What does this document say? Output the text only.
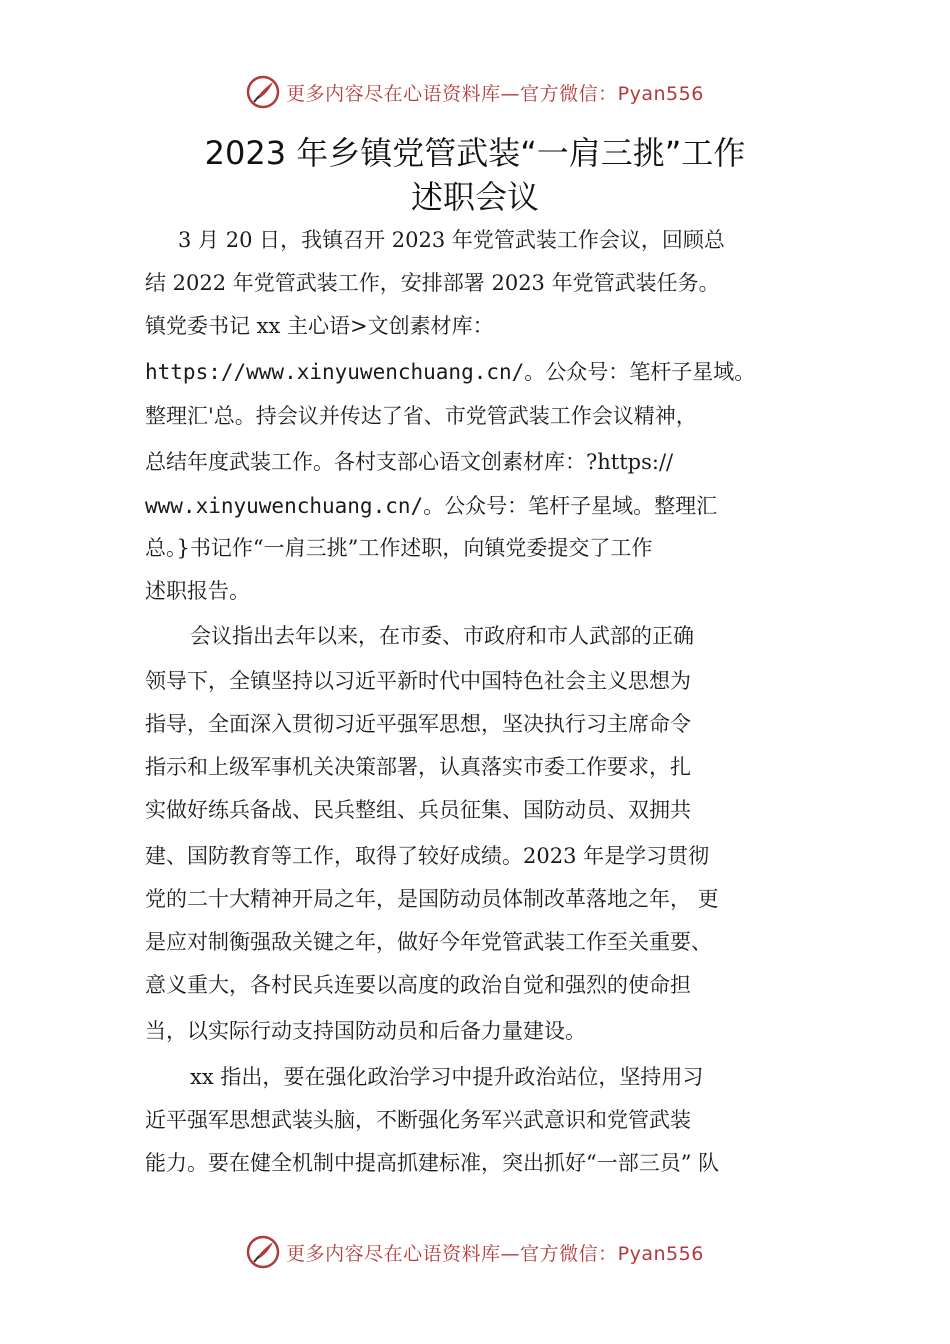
更多内容尽在心语资料库—官方微信：Pyan556
2023 年乡镇党管武装“一肩三挑”工作
述职会议

3 月 20 日，我镇召开 2023 年党管武装工作会议，回顾总

结 2022 年党管武装工作，安排部署 2023 年党管武装任务。

镇党委书记 xx 主心语>文创素材库：

https://www.xinyuwenchuang.cn/。公众号：笔杆子星域。

整理汇'总。持会议并传达了省、市党管武装工作会议精神，

总结年度武装工作。各村支部心语文创素材库：?https://

www.xinyuwenchuang.cn/。公众号：笔杆子星域。整理汇

总。}书记作“一肩三挑”工作述职，向镇党委提交了工作

述职报告。

会议指出去年以来，在市委、市政府和市人武部的正确

领导下，全镇坚持以习近平新时代中国特色社会主义思想为

指导，全面深入贯彻习近平强军思想，坚决执行习主席命令

指示和上级军事机关决策部署，认真落实市委工作要求，扎

实做好练兵备战、民兵整组、兵员征集、国防动员、双拥共

建、国防教育等工作，取得了较好成绩。2023 年是学习贯彻

党的二十大精神开局之年，是国防动员体制改革落地之年， 更

是应对制衡强敌关键之年，做好今年党管武装工作至关重要、

意义重大，各村民兵连要以高度的政治自觉和强烈的使命担

当，以实际行动支持国防动员和后备力量建设。

xx 指出，要在强化政治学习中提升政治站位，坚持用习

近平强军思想武装头脑，不断强化务军兴武意识和党管武装

能力。要在健全机制中提高抓建标准，突出抓好“一部三员” 队

更多内容尽在心语资料库—官方微信：Pyan556
